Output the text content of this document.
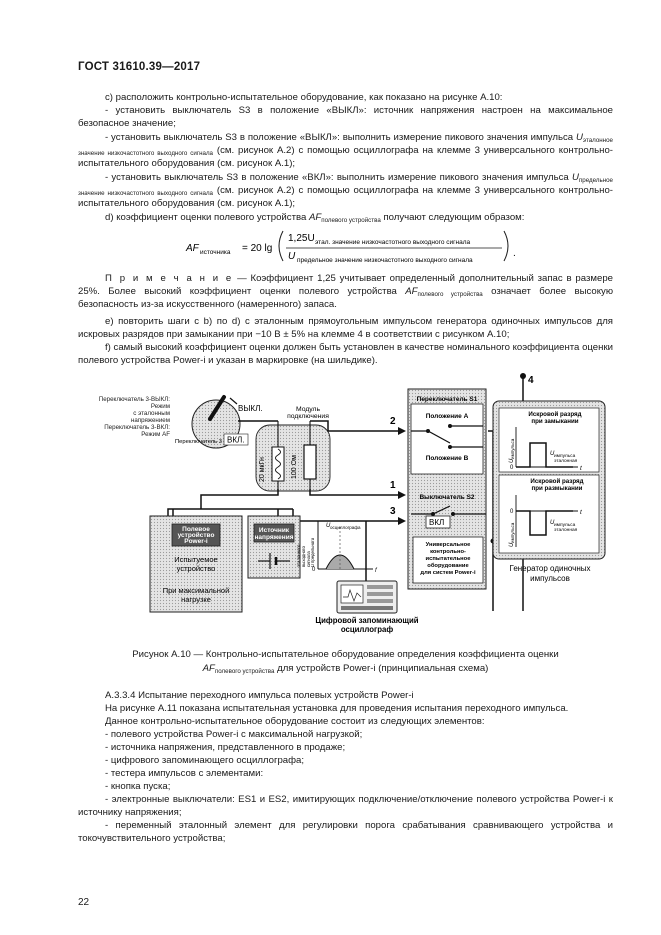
ГОСТ 31610.39—2017
c) расположить контрольно-испытательное оборудование, как показано на рисунке А.10:
- установить выключатель S3 в положение «ВЫКЛ»: источник напряжения настроен на максимальное безопасное значение;
- установить выключатель S3 в положение «ВЫКЛ»: выполнить измерение пикового значения импульса $U_{эталонное значение низкочастотного выходного сигнала}$ (см. рисунок А.2) с помощью осциллографа на клемме 3 универсального контрольно-испытательного оборудования (см. рисунок А.1);
- установить выключатель S3 в положение «ВКЛ»: выполнить измерение пикового значения импульса $U_{предельное значение низкочастотного выходного сигнала}$ (см. рисунок А.2) с помощью осциллографа на клемме 3 универсального контрольно-испытательного оборудования (см. рисунок А.1);
d) коэффициент оценки полевого устройства $AF_{полевого устройства}$ получают следующим образом:
AF источника = 20 lg
1,25U этал. значение низкочастотного выходного сигнала
U предельное значение низкочастотного выходного сигнала
.
П р и м е ч а н и е — Коэффициент 1,25 учитывает определенный дополнительный запас в размере 25%. Более высокий коэффициент оценки полевого устройства $AF_{полевого устройства}$ означает более высокую безопасность из-за искусственного (намеренного) запаса.
e) повторить шаги с b) по d) с эталонным прямоугольным импульсом генератора одиночных импульсов для искровых разрядов при замыкании при −10 В ± 5% на клемме 4 в соответствии с рисунком А.10;
f) самый высокий коэффициент оценки должен быть установлен в качестве номинального коэффициента оценки полевого устройства Power-i и указан в маркировке (на шильдике).
Переключатель 3-ВЫКЛ:
Режим
с эталонным
напряжением
Переключатель 3-ВКЛ:
Режим AF
ВЫКЛ.
ВКЛ.
Переключатель 3
Модуль
подключения
20 мкГн	100 Ом
2
1
3
4
Переключатель S1
Положение А
Положение В
Выключатель S2
ВКЛ
Универсальное
контрольно-
испытательное
оборудование
для систем Power-i
Полевое
устройство
Power-i
Испытуемое
устройство
При максимальной
нагрузке
Источник
напряжения
U осциллографа
f
0
U
предельного
эталонного выходного сигнала
Цифровой запоминающий
осциллограф
Искровой разряд
при замыкании
0	t
U
импульса	U импульса
эталонная
Искровой разряд
при размыкании
0	t
U
импульса	U импульса
эталонная
Генератор одиночных
импульсов
Рисунок А.10 — Контрольно-испытательное оборудование определения коэффициента оценки
$AF_{полевого устройства}$ для устройств Power-i (принципиальная схема)
А.3.3.4 Испытание переходного импульса полевых устройств Power-i
На рисунке А.11 показана испытательная установка для проведения испытания переходного импульса.
Данное контрольно-испытательное оборудование состоит из следующих элементов:
- полевого устройства Power-i с максимальной нагрузкой;
- источника напряжения, представленного в продаже;
- цифрового запоминающего осциллографа;
- тестера импульсов с элементами:
- кнопка пуска;
- электронные выключатели: ES1 и ES2, имитирующих подключение/отключение полевого устройства Power-i к источнику напряжения;
- переменный эталонный элемент для регулировки порога срабатывания сравнивающего устройства и токочувствительного устройства;
22
